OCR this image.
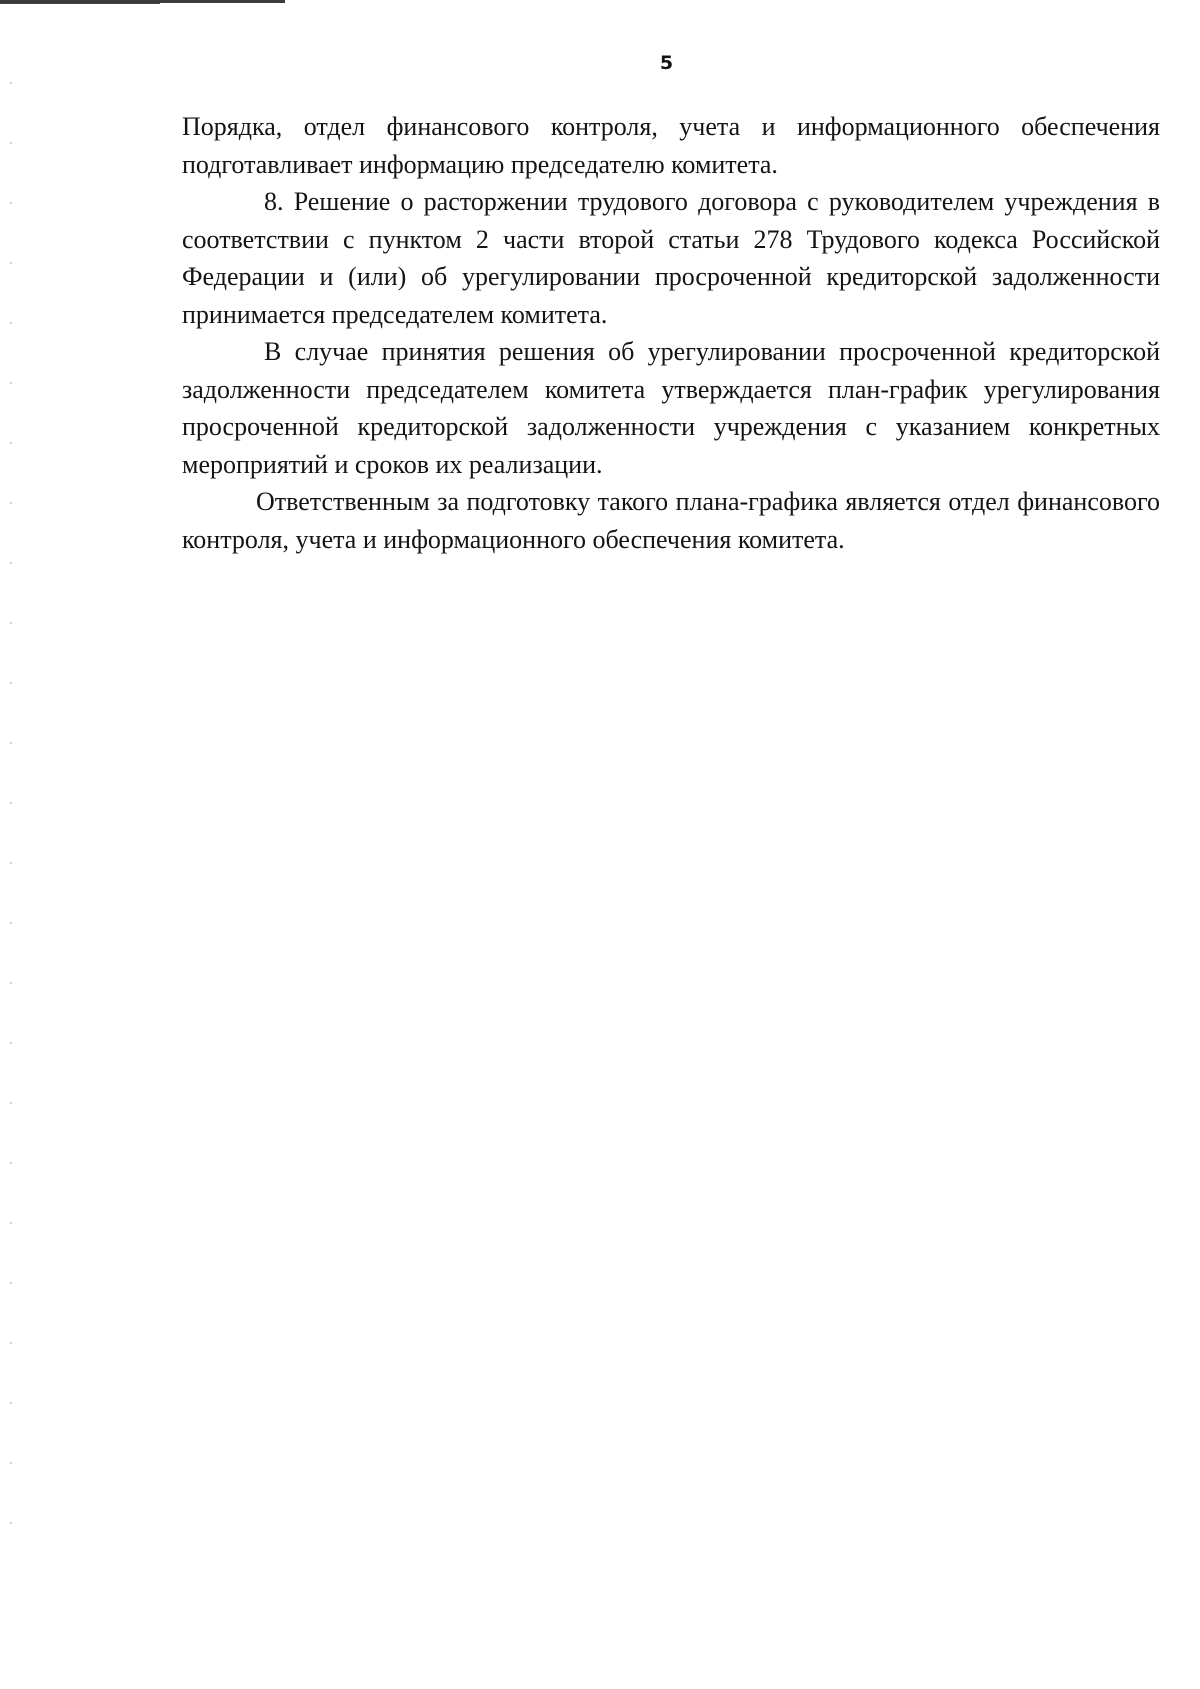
5

Порядка, отдел финансового контроля, учета и информационного обеспечения подготавливает информацию председателю комитета.

8. Решение о расторжении трудового договора с руководителем учреждения в соответствии с пунктом 2 части второй статьи 278 Трудового кодекса Российской Федерации и (или) об урегулировании просроченной кредиторской задолженности принимается председателем комитета.

В случае принятия решения об урегулировании просроченной кредиторской задолженности председателем комитета утверждается план-график урегулирования просроченной кредиторской задолженности учреждения с указанием конкретных мероприятий и сроков их реализации.

Ответственным за подготовку такого плана-графика является отдел финансового контроля, учета и информационного обеспечения комитета.
